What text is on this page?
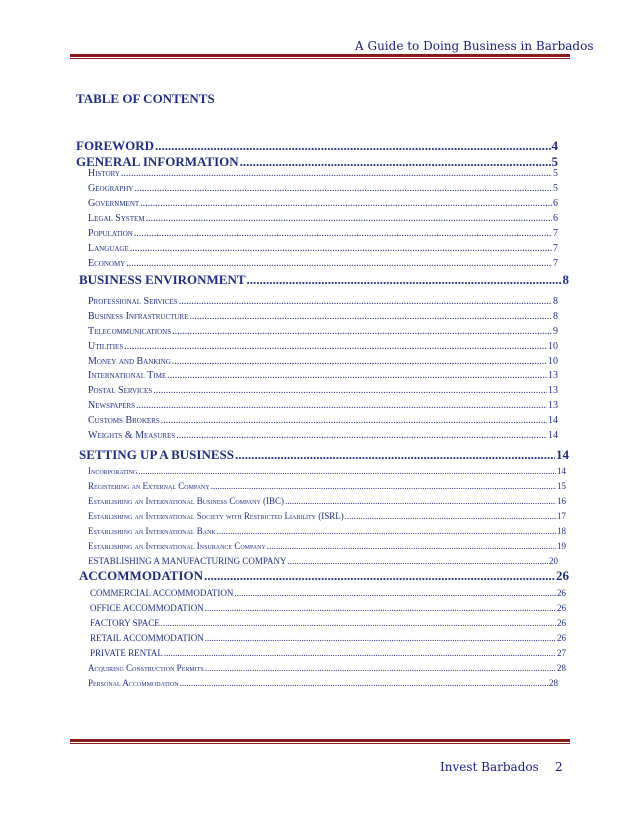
A Guide to Doing Business in Barbados
TABLE OF CONTENTS
FOREWORD .....	4
GENERAL INFORMATION .....	5
History .....	5
Geography .....	5
Government .....	6
Legal System .....	6
Population .....	7
Language .....	7
Economy .....	7
BUSINESS ENVIRONMENT .....	8
Professional Services .....	8
Business Infrastructure .....	8
Telecommunications .....	9
Utilities .....	10
Money and Banking .....	10
International Time .....	13
Postal Services .....	13
Newspapers .....	13
Customs Brokers .....	14
Weights & Measures .....	14
SETTING UP A BUSINESS .....	14
Incorporating .....	14
Registering an External Company .....	15
Establishing an International Business Company (IBC) .....	16
Establishing an International Society with Restricted Liability (ISRL) .....	17
Establishing an International Bank .....	18
Establishing an International Insurance Company .....	19
ESTABLISHING A MANUFACTURING COMPANY .....	20
ACCOMMODATION .....	26
COMMERCIAL ACCOMMODATION .....	26
OFFICE ACCOMMODATION .....	26
FACTORY SPACE .....	26
RETAIL ACCOMMODATION .....	26
PRIVATE RENTAL .....	27
Acquiring Construction Permits .....	28
Personal Accommodation .....	28
Invest Barbados 2
